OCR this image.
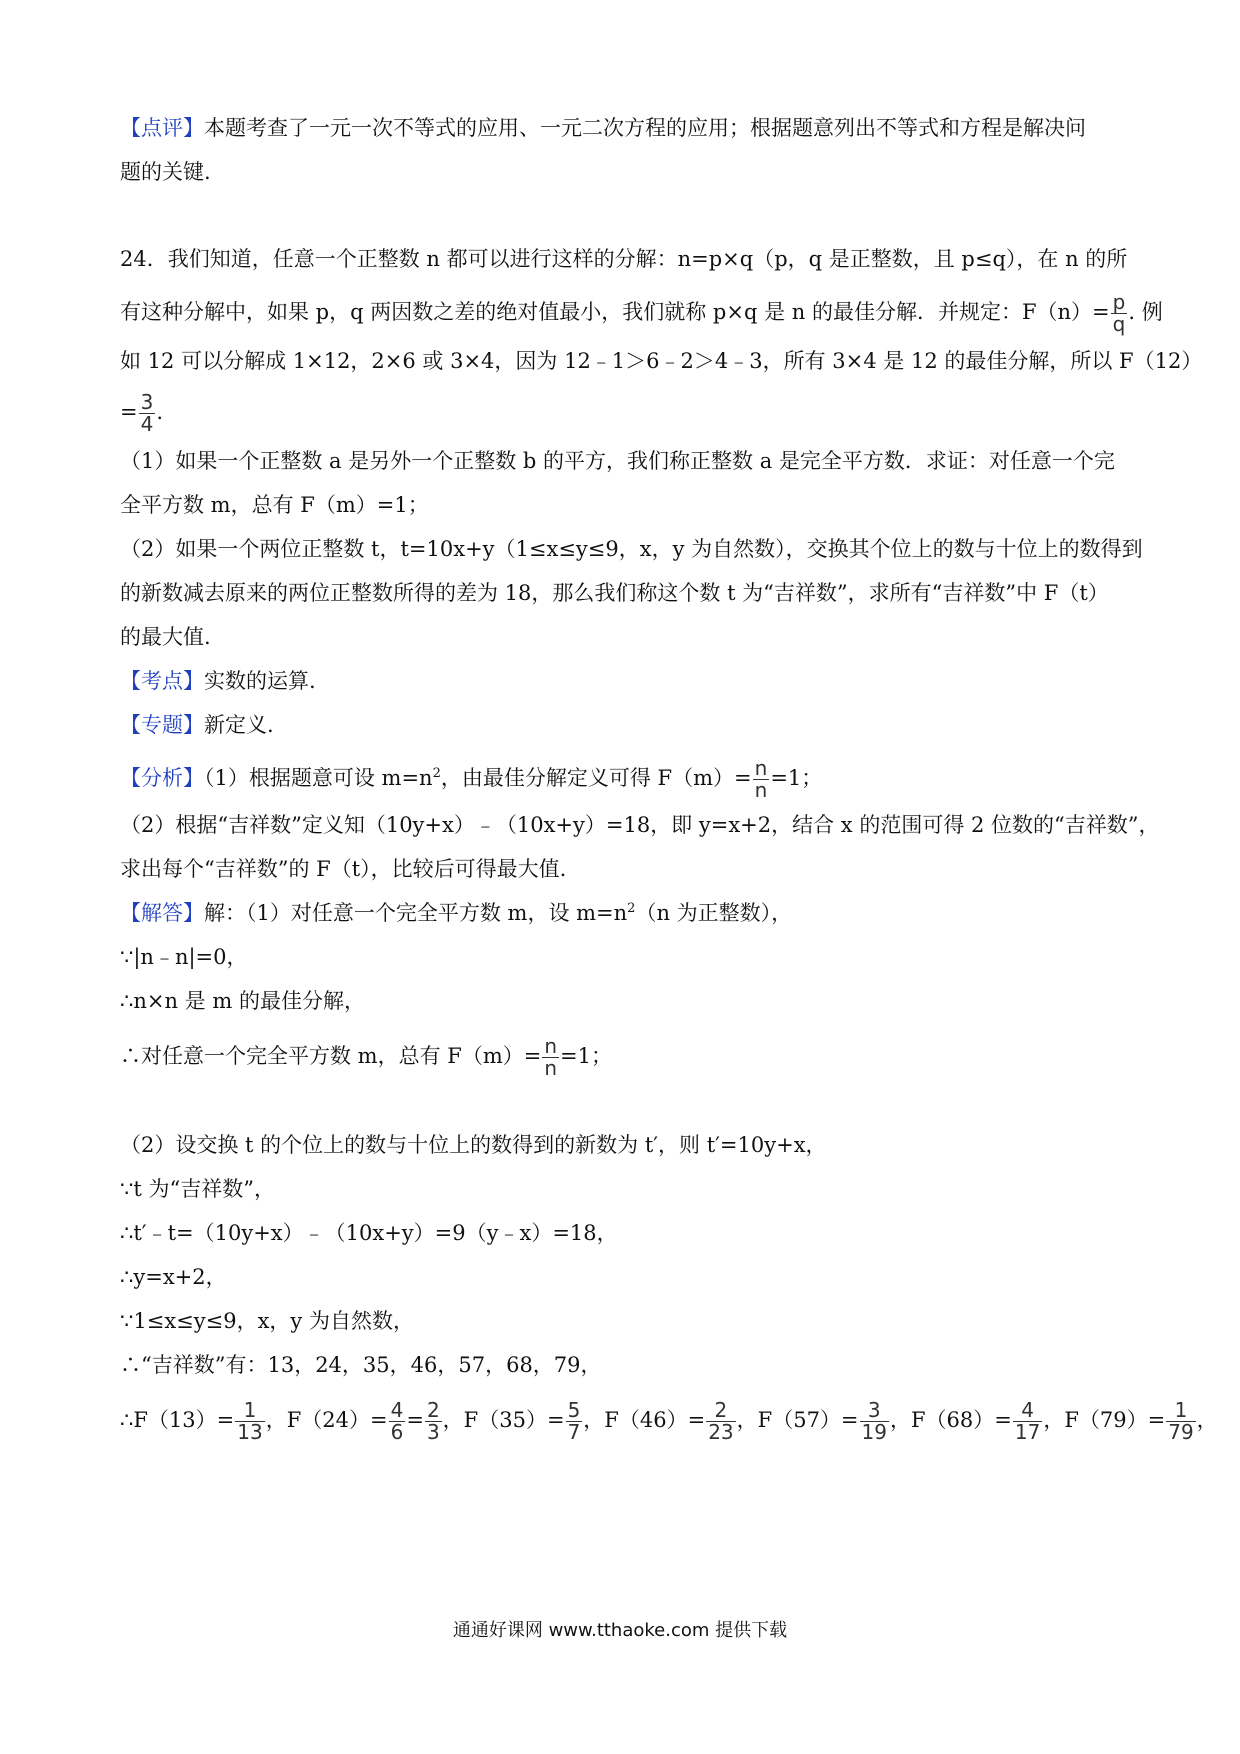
【点评】本题考查了一元一次不等式的应用、一元二次方程的应用；根据题意列出不等式和方程是解决问
题的关键.
24．我们知道，任意一个正整数 n 都可以进行这样的分解：n=p×q（p，q 是正整数，且 p≤q），在 n 的所
有这种分解中，如果 p，q 两因数之差的绝对值最小，我们就称 p×q 是 n 的最佳分解．并规定：$F(n)= \frac{p}{q}$ . 例
如 12 可以分解成 1×12，2×6 或 3×4，因为 12﹣1＞6﹣2＞4﹣3，所有 3×4 是 12 的最佳分解，所以 F（12）
= $\frac{3}{4}$ .
（1）如果一个正整数 a 是另外一个正整数 b 的平方，我们称正整数 a 是完全平方数．求证：对任意一个完
全平方数 m，总有 F（m）=1；
（2）如果一个两位正整数 t，t=10x+y（1≤x≤y≤9，x，y 为自然数），交换其个位上的数与十位上的数得到
的新数减去原来的两位正整数所得的差为 18，那么我们称这个数 t 为“吉祥数”，求所有“吉祥数”中 F（t）
的最大值.
【考点】实数的运算.
【专题】新定义.
【分析】（1）根据题意可设 $m=n^2$，由最佳分解定义可得 $F(m)= \frac{n}{n} =1$；
（2）根据“吉祥数”定义知（10y+x）﹣（10x+y）=18，即 y=x+2，结合 x 的范围可得 2 位数的“吉祥数”，
求出每个“吉祥数”的 F（t），比较后可得最大值.
【解答】解：（1）对任意一个完全平方数 m，设 $m=n^2(n$ 为正整数），
∵|n﹣n|=0，
∴n×n 是 m 的最佳分解，
∴对任意一个完全平方数 m，总有 $F(m)= \frac{n}{n} =1$；
（2）设交换 t 的个位上的数与十位上的数得到的新数为 t′，则 t′=10y+x，
∵t 为“吉祥数”，
∴t′﹣t=（10y+x）﹣（10x+y）=9（y﹣x）=18，
∴y=x+2，
∵1≤x≤y≤9，x，y 为自然数，
∴“吉祥数”有：13，24，35，46，57，68，79，
∴F（13）= $\frac{1}{13}$ ，$F(24)= \frac{4}{6} = \frac{2}{3}$ ，$F(35)= \frac{5}{7}$ ，$F(46)= \frac{2}{23}$ ，$F(57)= \frac{3}{19}$ ，$F(68)= \frac{4}{17}$ ，$F(79)= \frac{1}{79}$ ，
通通好课网 www.tthaoke.com 提供下载
